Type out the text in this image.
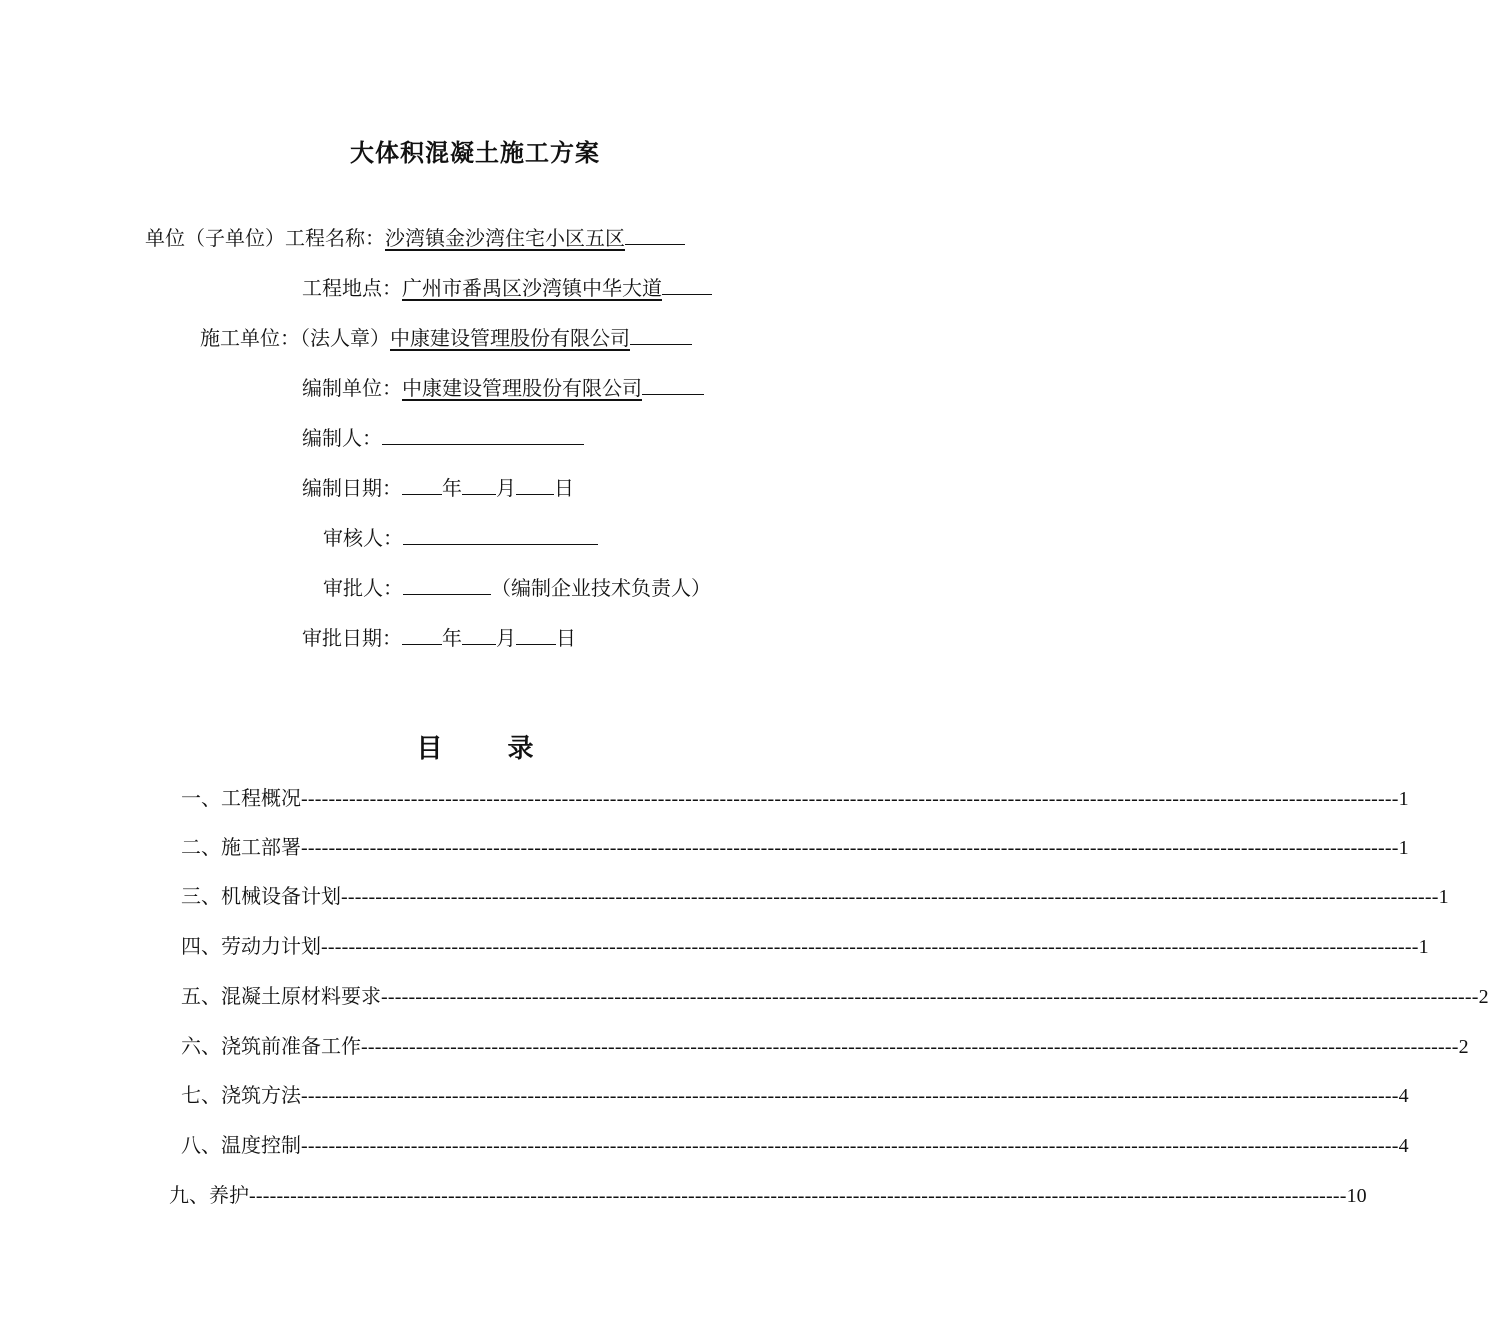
大体积混凝土施工方案
单位（子单位）工程名称：沙湾镇金沙湾住宅小区五区
工程地点：广州市番禺区沙湾镇中华大道
施工单位：（法人章）中康建设管理股份有限公司
编制单位：中康建设管理股份有限公司
编制人：
编制日期： 年 月 日
审核人：
审批人：	（编制企业技术负责人）
审批日期： 年 月 日
目 录
一、工程概况 ---------------------------------------------------------------------------------------------------------------------------------------------------------------- 1
二、施工部署 ---------------------------------------------------------------------------------------------------------------------------------------------------------------- 1
三、机械设备计划 ---------------------------------------------------------------------------------------------------------------------------------------------------------------- 1
四、劳动力计划 ---------------------------------------------------------------------------------------------------------------------------------------------------------------- 1
五、混凝土原材料要求 ---------------------------------------------------------------------------------------------------------------------------------------------------------------- 2
六、浇筑前准备工作 ---------------------------------------------------------------------------------------------------------------------------------------------------------------- 2
七、浇筑方法 ---------------------------------------------------------------------------------------------------------------------------------------------------------------- 4
八、温度控制 ---------------------------------------------------------------------------------------------------------------------------------------------------------------- 4
九、养护 ---------------------------------------------------------------------------------------------------------------------------------------------------------------- 10
